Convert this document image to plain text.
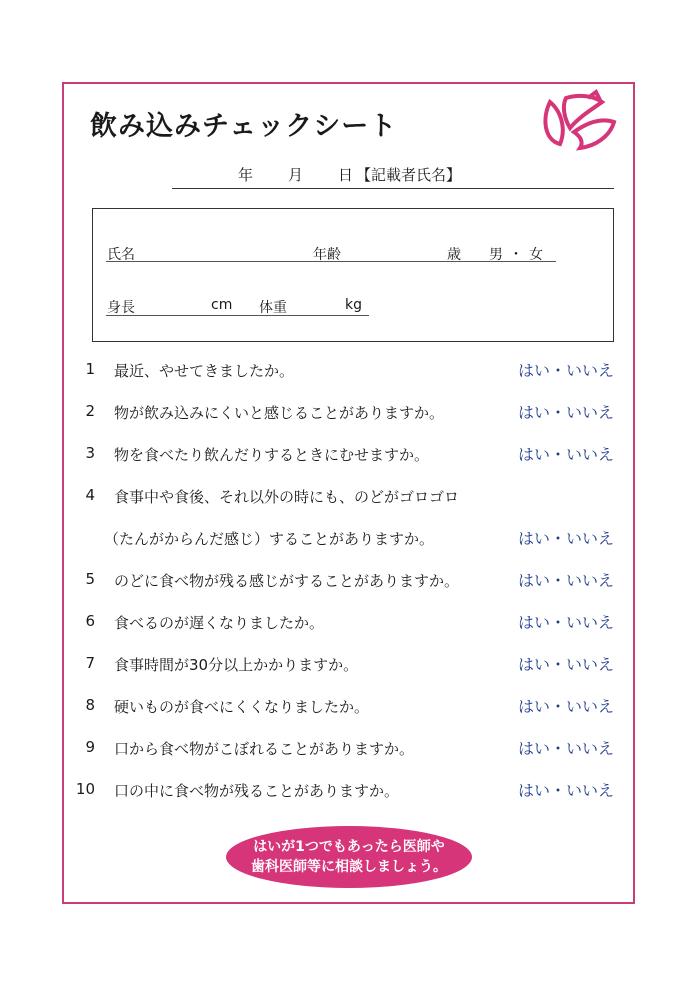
飲み込みチェックシート
年 月 日 【記載者氏名】
氏名	年齢	歳 男・女
身長	cm 体重	kg
1 最近、やせてきましたか。	はい・いいえ
2 物が飲み込みにくいと感じることがありますか。	はい・いいえ
3 物を食べたり飲んだりするときにむせますか。	はい・いいえ
4 食事中や食後、それ以外の時にも、のどがゴロゴロ
（たんがからんだ感じ）することがありますか。	はい・いいえ
5 のどに食べ物が残る感じがすることがありますか。	はい・いいえ
6 食べるのが遅くなりましたか。	はい・いいえ
7 食事時間が30分以上かかりますか。	はい・いいえ
8 硬いものが食べにくくなりましたか。	はい・いいえ
9 口から食べ物がこぼれることがありますか。	はい・いいえ
10 口の中に食べ物が残ることがありますか。	はい・いいえ
はいが1つでもあったら医師や
歯科医師等に相談しましょう。
